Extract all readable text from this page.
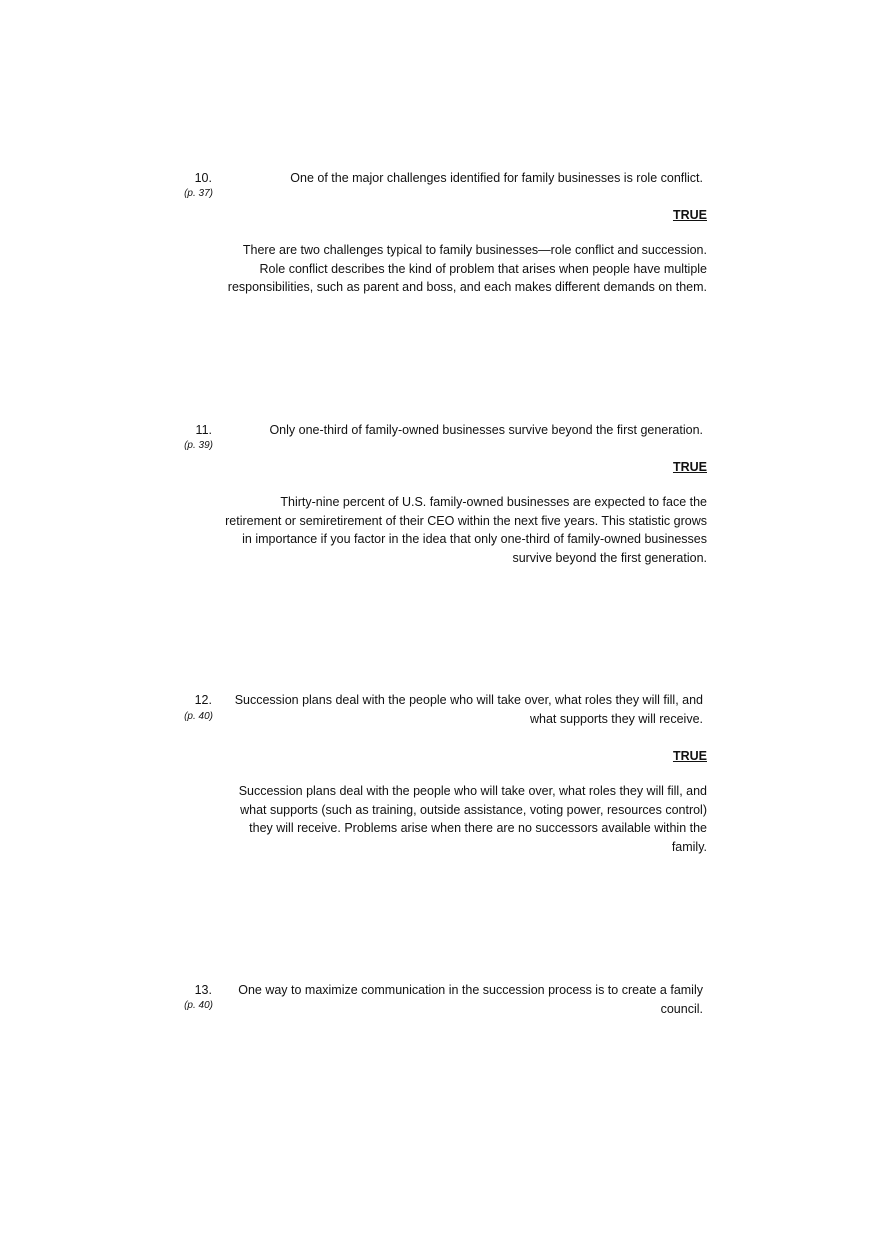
10.
(p. 37)
One of the major challenges identified for family businesses is role conflict.
TRUE
There are two challenges typical to family businesses—role conflict and succession.
Role conflict describes the kind of problem that arises when people have multiple
responsibilities, such as parent and boss, and each makes different demands on them.
11.
(p. 39)
Only one-third of family-owned businesses survive beyond the first generation.
TRUE
Thirty-nine percent of U.S. family-owned businesses are expected to face the
retirement or semiretirement of their CEO within the next five years. This statistic grows
in importance if you factor in the idea that only one-third of family-owned businesses
survive beyond the first generation.
12.
(p. 40)
Succession plans deal with the people who will take over, what roles they will fill, and
what supports they will receive.
TRUE
Succession plans deal with the people who will take over, what roles they will fill, and
what supports (such as training, outside assistance, voting power, resources control)
they will receive. Problems arise when there are no successors available within the
family.
13.
(p. 40)
One way to maximize communication in the succession process is to create a family
council.
